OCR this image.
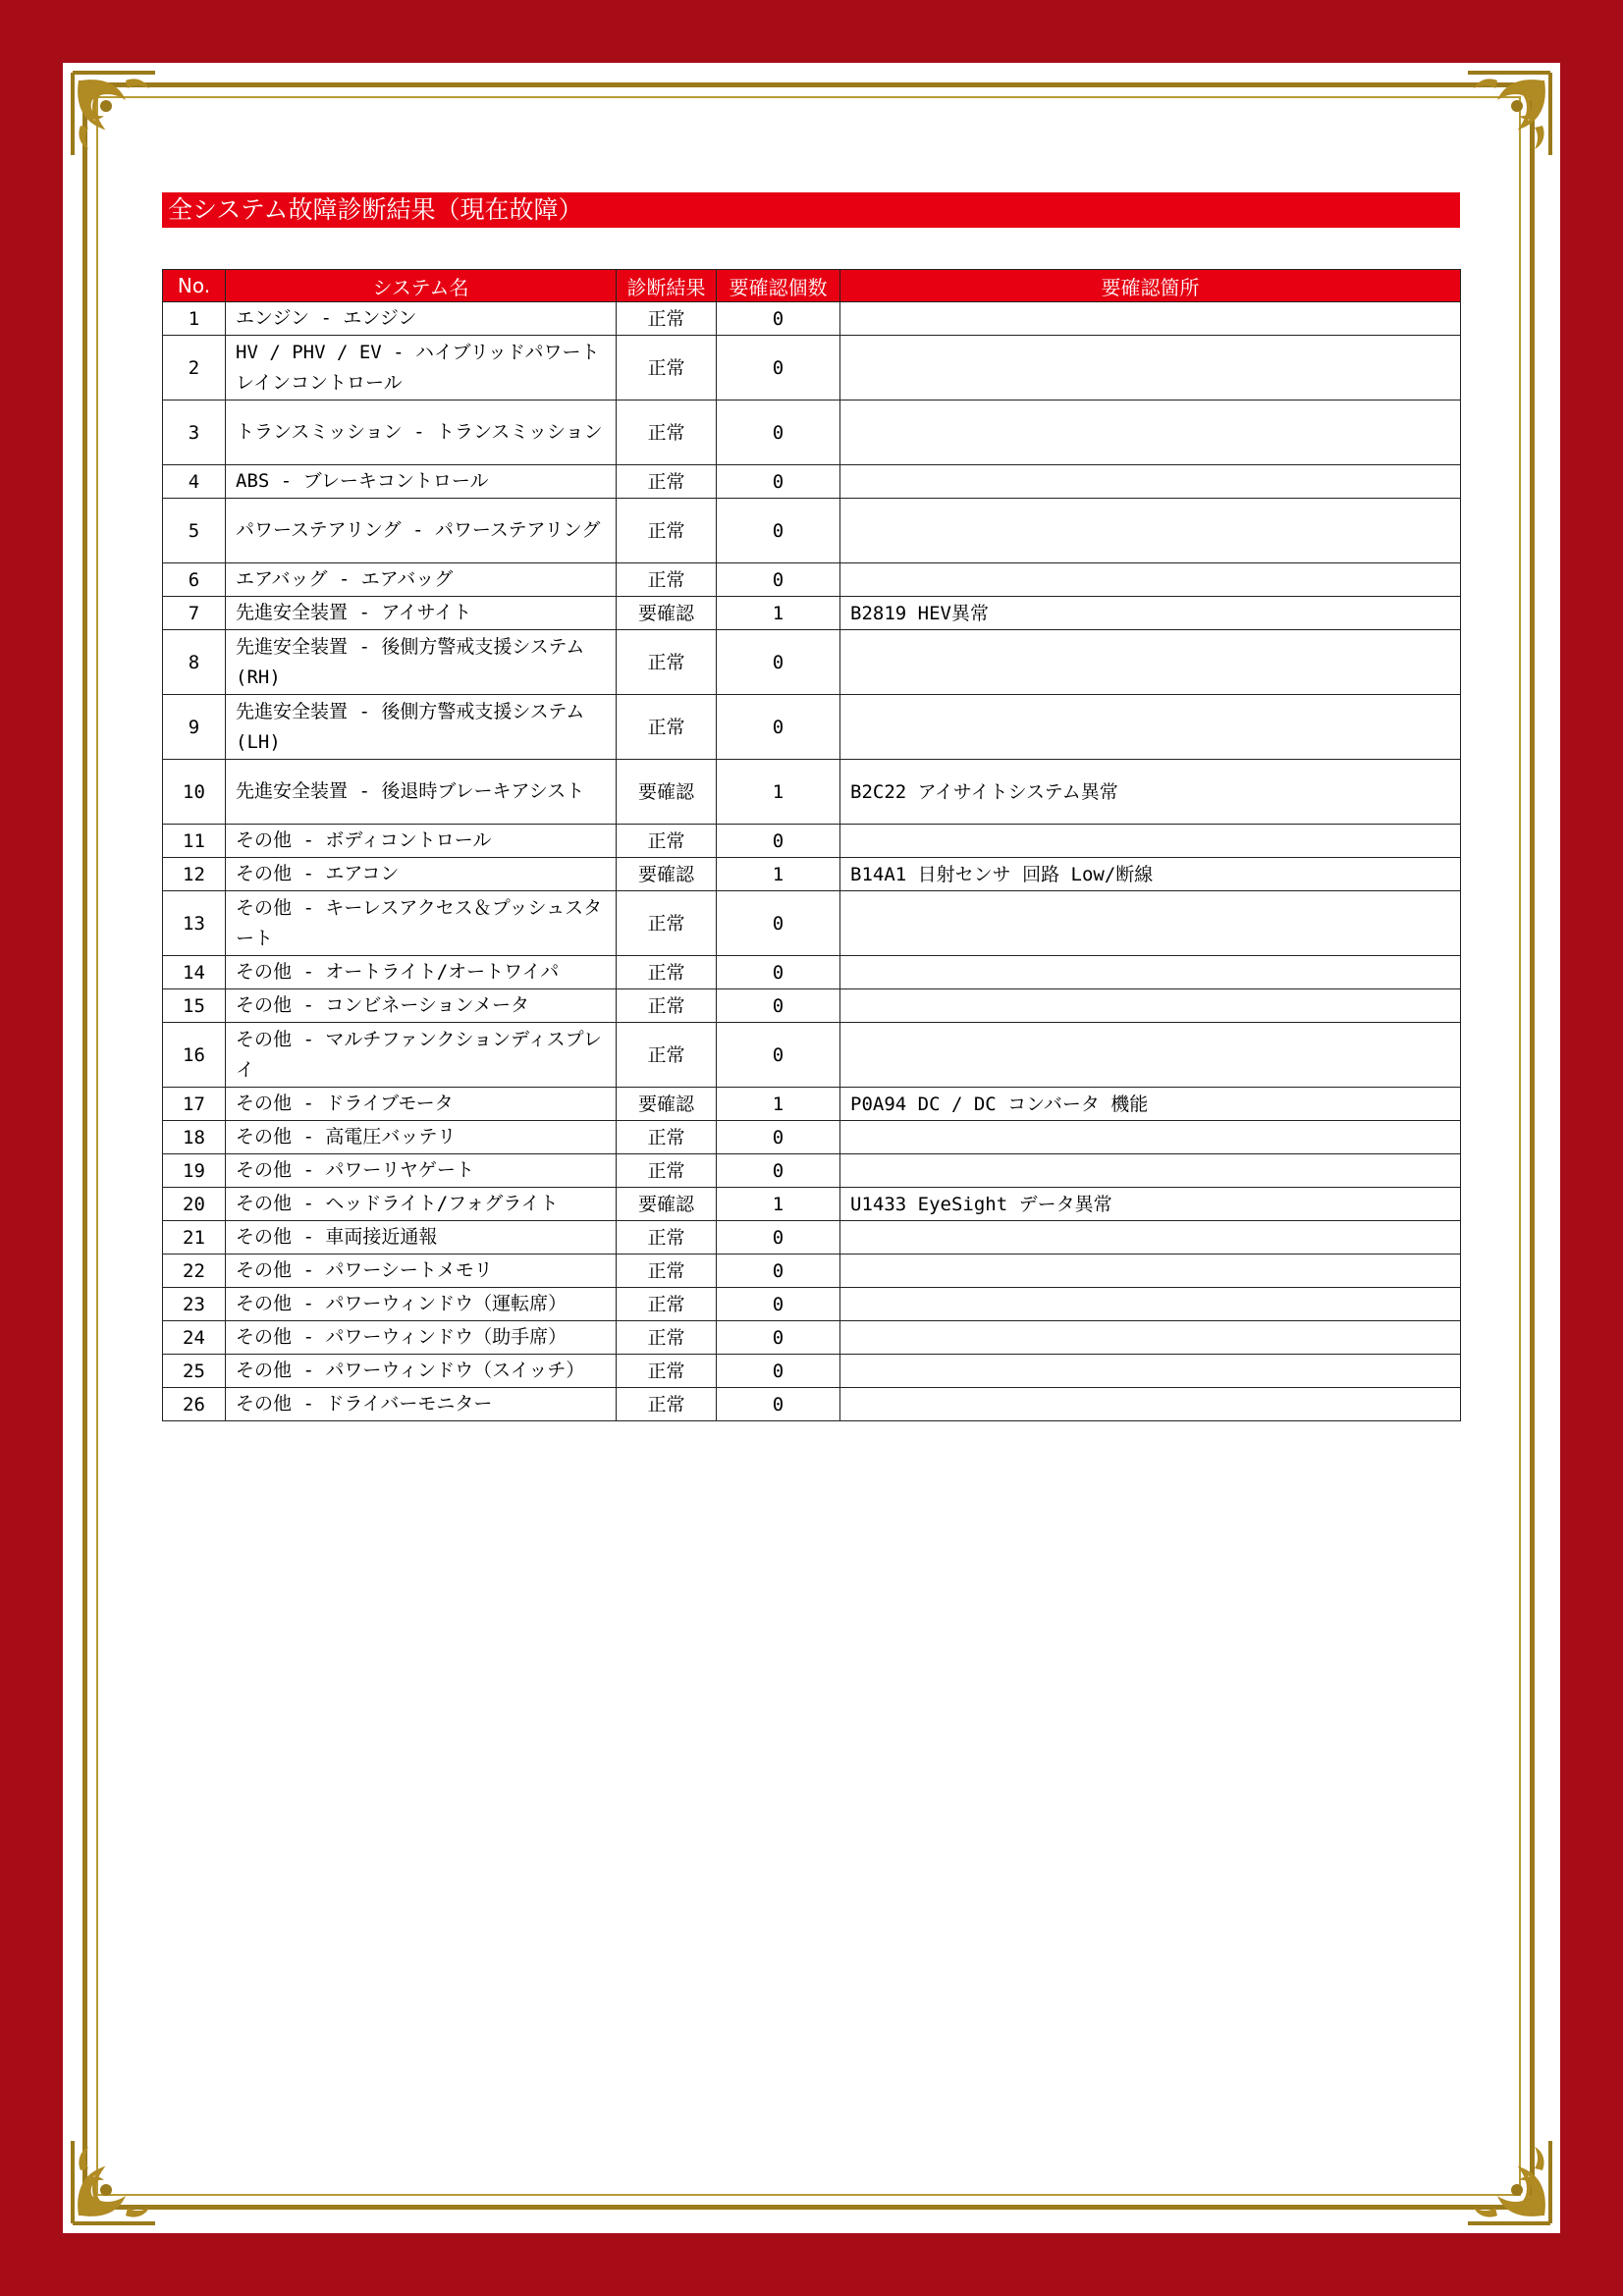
全システム故障診断結果（現在故障）
No.	システム名	診断結果	要確認個数	要確認箇所
1	エンジン - エンジン	正常	0	
2	HV / PHV / EV - ハイブリッドパワートレインコントロール	正常	0	
3	トランスミッション - トランスミッション	正常	0	
4	ABS - ブレーキコントロール	正常	0	
5	パワーステアリング - パワーステアリング	正常	0	
6	エアバッグ - エアバッグ	正常	0	
7	先進安全装置 - アイサイト	要確認	1	B2819 HEV異常
8	先進安全装置 - 後側方警戒支援システム(RH)	正常	0	
9	先進安全装置 - 後側方警戒支援システム(LH)	正常	0	
10	先進安全装置 - 後退時ブレーキアシスト	要確認	1	B2C22 アイサイトシステム異常
11	その他 - ボディコントロール	正常	0	
12	その他 - エアコン	要確認	1	B14A1 日射センサ 回路 Low/断線
13	その他 - キーレスアクセス＆プッシュスタート	正常	0	
14	その他 - オートライト/オートワイパ	正常	0	
15	その他 - コンビネーションメータ	正常	0	
16	その他 - マルチファンクションディスプレイ	正常	0	
17	その他 - ドライブモータ	要確認	1	P0A94 DC / DC コンバータ 機能
18	その他 - 高電圧バッテリ	正常	0	
19	その他 - パワーリヤゲート	正常	0	
20	その他 - ヘッドライト/フォグライト	要確認	1	U1433 EyeSight データ異常
21	その他 - 車両接近通報	正常	0	
22	その他 - パワーシートメモリ	正常	0	
23	その他 - パワーウィンドウ（運転席）	正常	0	
24	その他 - パワーウィンドウ（助手席）	正常	0	
25	その他 - パワーウィンドウ（スイッチ）	正常	0	
26	その他 - ドライバーモニター	正常	0	
